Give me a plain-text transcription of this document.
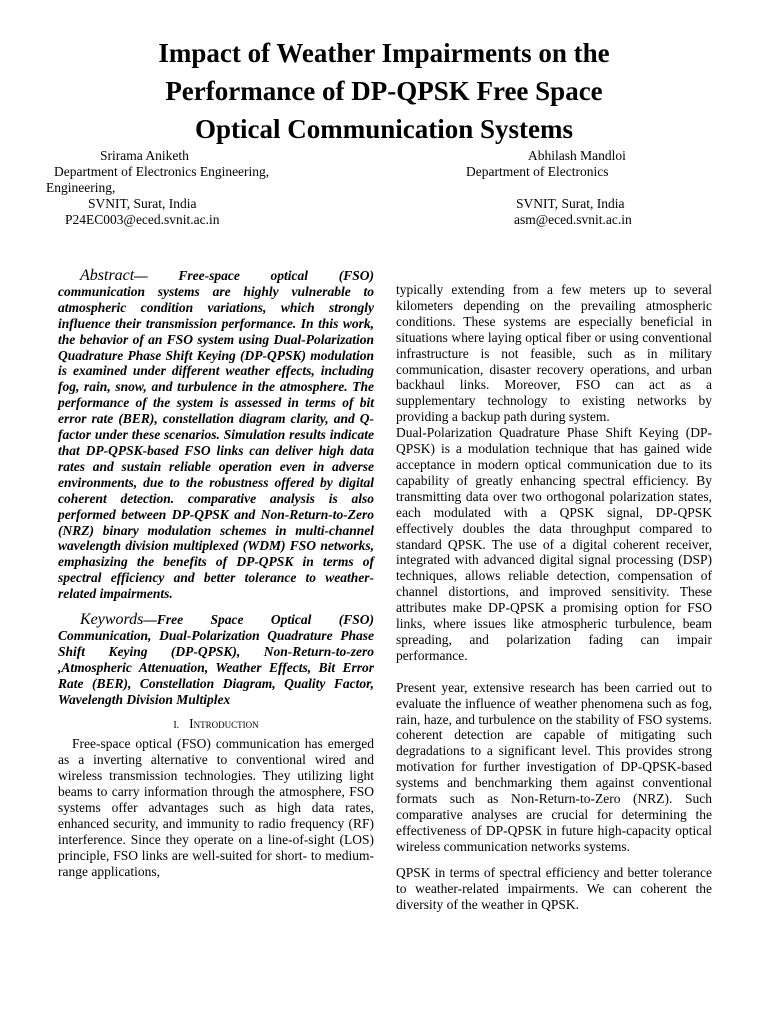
Impact of Weather Impairments on the
Performance of DP-QPSK Free Space
Optical Communication Systems
Srirama Aniketh
Department of Electronics Engineering,
Engineering,
SVNIT, Surat, India
P24EC003@eced.svnit.ac.in
Abhilash Mandloi
Department of Electronics
SVNIT, Surat, India
asm@eced.svnit.ac.in

Abstract— Free-space optical (FSO) communication systems are highly vulnerable to atmospheric condition variations, which strongly influence their transmission performance. In this work, the behavior of an FSO system using Dual-Polarization Quadrature Phase Shift Keying (DP-QPSK) modulation is examined under different weather effects, including fog, rain, snow, and turbulence in the atmosphere. The performance of the system is assessed in terms of bit error rate (BER), constellation diagram clarity, and Q-factor under these scenarios. Simulation results indicate that DP-QPSK-based FSO links can deliver high data rates and sustain reliable operation even in adverse environments, due to the robustness offered by digital coherent detection. comparative analysis is also performed between DP-QPSK and Non-Return-to-Zero (NRZ) binary modulation schemes in multi-channel wavelength division multiplexed (WDM) FSO networks, emphasizing the benefits of DP-QPSK in terms of spectral efficiency and better tolerance to weather-related impairments.

Keywords—Free Space Optical (FSO) Communication, Dual-Polarization Quadrature Phase Shift Keying (DP-QPSK), Non-Return-to-zero ,Atmospheric Attenuation, Weather Effects, Bit Error Rate (BER), Constellation Diagram, Quality Factor, Wavelength Division Multiplex

I. Introduction

Free-space optical (FSO) communication has emerged as a inverting alternative to conventional wired and wireless transmission technologies. They utilizing light beams to carry information through the atmosphere, FSO systems offer advantages such as high data rates, enhanced security, and immunity to radio frequency (RF) interference. Since they operate on a line-of-sight (LOS) principle, FSO links are well-suited for short- to medium-range applications,

typically extending from a few meters up to several kilometers depending on the prevailing atmospheric conditions. These systems are especially beneficial in situations where laying optical fiber or using conventional infrastructure is not feasible, such as in military communication, disaster recovery operations, and urban backhaul links. Moreover, FSO can act as a supplementary technology to existing networks by providing a backup path during system.

Dual-Polarization Quadrature Phase Shift Keying (DP-QPSK) is a modulation technique that has gained wide acceptance in modern optical communication due to its capability of greatly enhancing spectral efficiency. By transmitting data over two orthogonal polarization states, each modulated with a QPSK signal, DP-QPSK effectively doubles the data throughput compared to standard QPSK. The use of a digital coherent receiver, integrated with advanced digital signal processing (DSP) techniques, allows reliable detection, compensation of channel distortions, and improved sensitivity. These attributes make DP-QPSK a promising option for FSO links, where issues like atmospheric turbulence, beam spreading, and polarization fading can impair performance.

Present year, extensive research has been carried out to evaluate the influence of weather phenomena such as fog, rain, haze, and turbulence on the stability of FSO systems. coherent detection are capable of mitigating such degradations to a significant level. This provides strong motivation for further investigation of DP-QPSK-based systems and benchmarking them against conventional formats such as Non-Return-to-Zero (NRZ). Such comparative analyses are crucial for determining the effectiveness of DP-QPSK in future high-capacity optical wireless communication networks systems.

QPSK in terms of spectral efficiency and better tolerance to weather-related impairments. We can coherent the diversity of the weather in QPSK.
